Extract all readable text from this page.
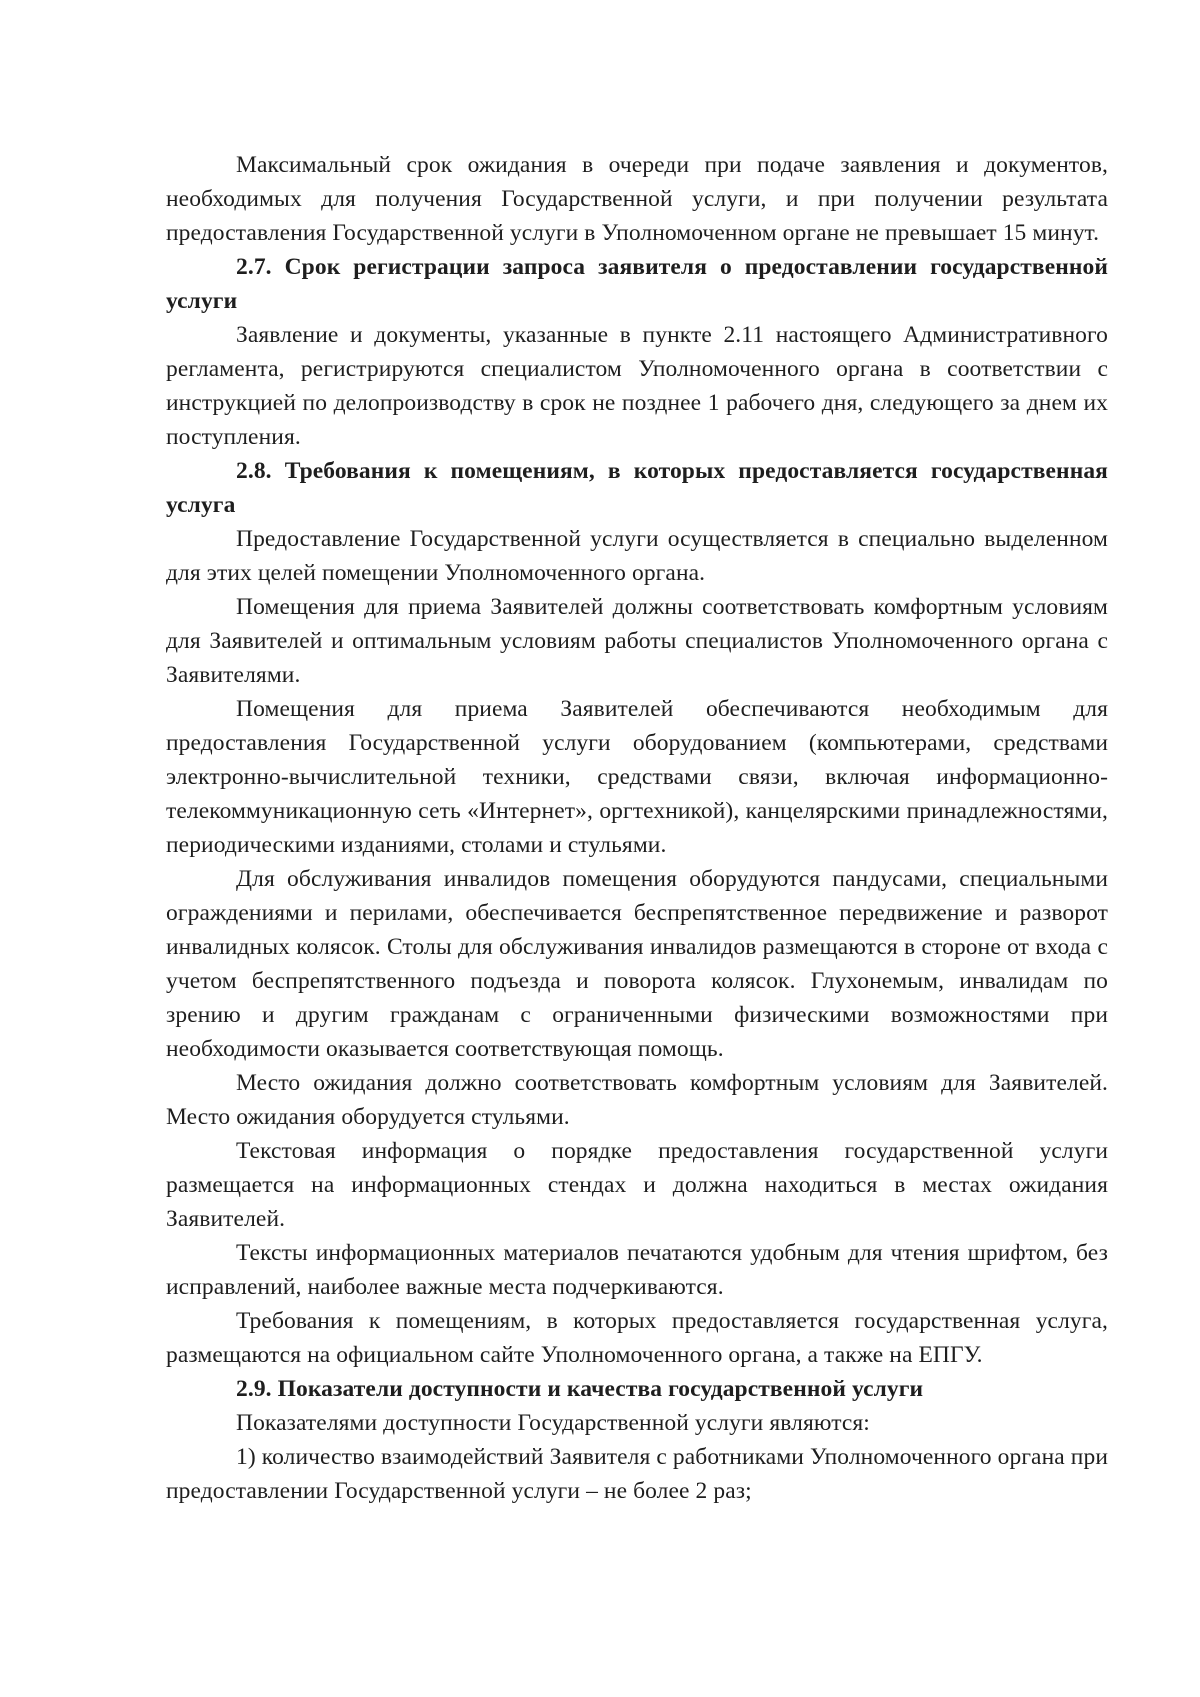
Максимальный срок ожидания в очереди при подаче заявления и документов, необходимых для получения Государственной услуги, и при получении результата предоставления Государственной услуги в Уполномоченном органе не превышает 15 минут.

2.7. Срок регистрации запроса заявителя о предоставлении государственной услуги

Заявление и документы, указанные в пункте 2.11 настоящего Административного регламента, регистрируются специалистом Уполномоченного органа в соответствии с инструкцией по делопроизводству в срок не позднее 1 рабочего дня, следующего за днем их поступления.

2.8. Требования к помещениям, в которых предоставляется государственная услуга

Предоставление Государственной услуги осуществляется в специально выделенном для этих целей помещении Уполномоченного органа.

Помещения для приема Заявителей должны соответствовать комфортным условиям для Заявителей и оптимальным условиям работы специалистов Уполномоченного органа с Заявителями.

Помещения для приема Заявителей обеспечиваются необходимым для предоставления Государственной услуги оборудованием (компьютерами, средствами электронно-вычислительной техники, средствами связи, включая информационно-телекоммуникационную сеть «Интернет», оргтехникой), канцелярскими принадлежностями, периодическими изданиями, столами и стульями.

Для обслуживания инвалидов помещения оборудуются пандусами, специальными ограждениями и перилами, обеспечивается беспрепятственное передвижение и разворот инвалидных колясок. Столы для обслуживания инвалидов размещаются в стороне от входа с учетом беспрепятственного подъезда и поворота колясок. Глухонемым, инвалидам по зрению и другим гражданам с ограниченными физическими возможностями при необходимости оказывается соответствующая помощь.

Место ожидания должно соответствовать комфортным условиям для Заявителей. Место ожидания оборудуется стульями.

Текстовая информация о порядке предоставления государственной услуги размещается на информационных стендах и должна находиться в местах ожидания Заявителей.

Тексты информационных материалов печатаются удобным для чтения шрифтом, без исправлений, наиболее важные места подчеркиваются.

Требования к помещениям, в которых предоставляется государственная услуга, размещаются на официальном сайте Уполномоченного органа, а также на ЕПГУ.

2.9. Показатели доступности и качества государственной услуги

Показателями доступности Государственной услуги являются:

1) количество взаимодействий Заявителя с работниками Уполномоченного органа при предоставлении Государственной услуги – не более 2 раз;
